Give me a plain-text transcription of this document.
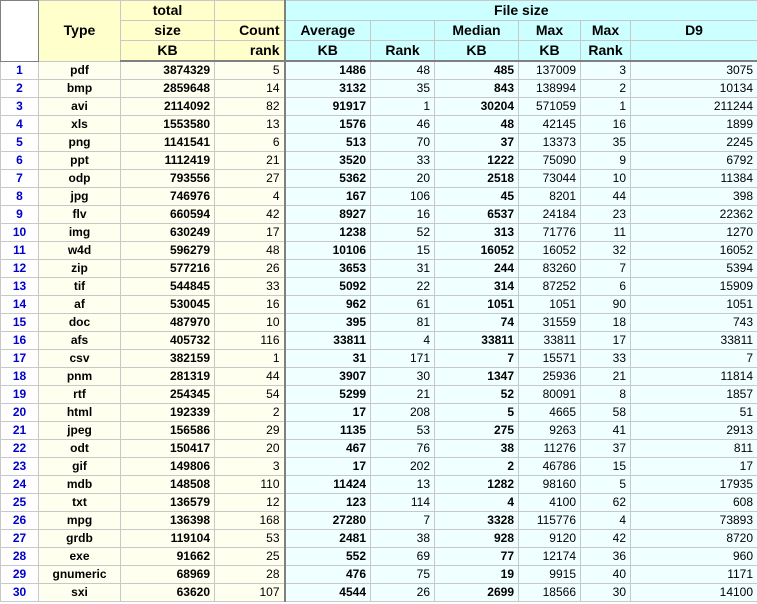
	Type	total		File size					
		size	Count	Average		Median	Max	Max	D9
		KB	rank	KB	Rank	KB	KB	Rank	
1	pdf	3874329	5	1486	48	485	137009	3	3075
2	bmp	2859648	14	3132	35	843	138994	2	10134
3	avi	2114092	82	91917	1	30204	571059	1	211244
4	xls	1553580	13	1576	46	48	42145	16	1899
5	png	1141541	6	513	70	37	13373	35	2245
6	ppt	1112419	21	3520	33	1222	75090	9	6792
7	odp	793556	27	5362	20	2518	73044	10	11384
8	jpg	746976	4	167	106	45	8201	44	398
9	flv	660594	42	8927	16	6537	24184	23	22362
10	img	630249	17	1238	52	313	71776	11	1270
11	w4d	596279	48	10106	15	16052	16052	32	16052
12	zip	577216	26	3653	31	244	83260	7	5394
13	tif	544845	33	5092	22	314	87252	6	15909
14	af	530045	16	962	61	1051	1051	90	1051
15	doc	487970	10	395	81	74	31559	18	743
16	afs	405732	116	33811	4	33811	33811	17	33811
17	csv	382159	1	31	171	7	15571	33	7
18	pnm	281319	44	3907	30	1347	25936	21	11814
19	rtf	254345	54	5299	21	52	80091	8	1857
20	html	192339	2	17	208	5	4665	58	51
21	jpeg	156586	29	1135	53	275	9263	41	2913
22	odt	150417	20	467	76	38	11276	37	811
23	gif	149806	3	17	202	2	46786	15	17
24	mdb	148508	110	11424	13	1282	98160	5	17935
25	txt	136579	12	123	114	4	4100	62	608
26	mpg	136398	168	27280	7	3328	115776	4	73893
27	grdb	119104	53	2481	38	928	9120	42	8720
28	exe	91662	25	552	69	77	12174	36	960
29	gnumeric	68969	28	476	75	19	9915	40	1171
30	sxi	63620	107	4544	26	2699	18566	30	14100
